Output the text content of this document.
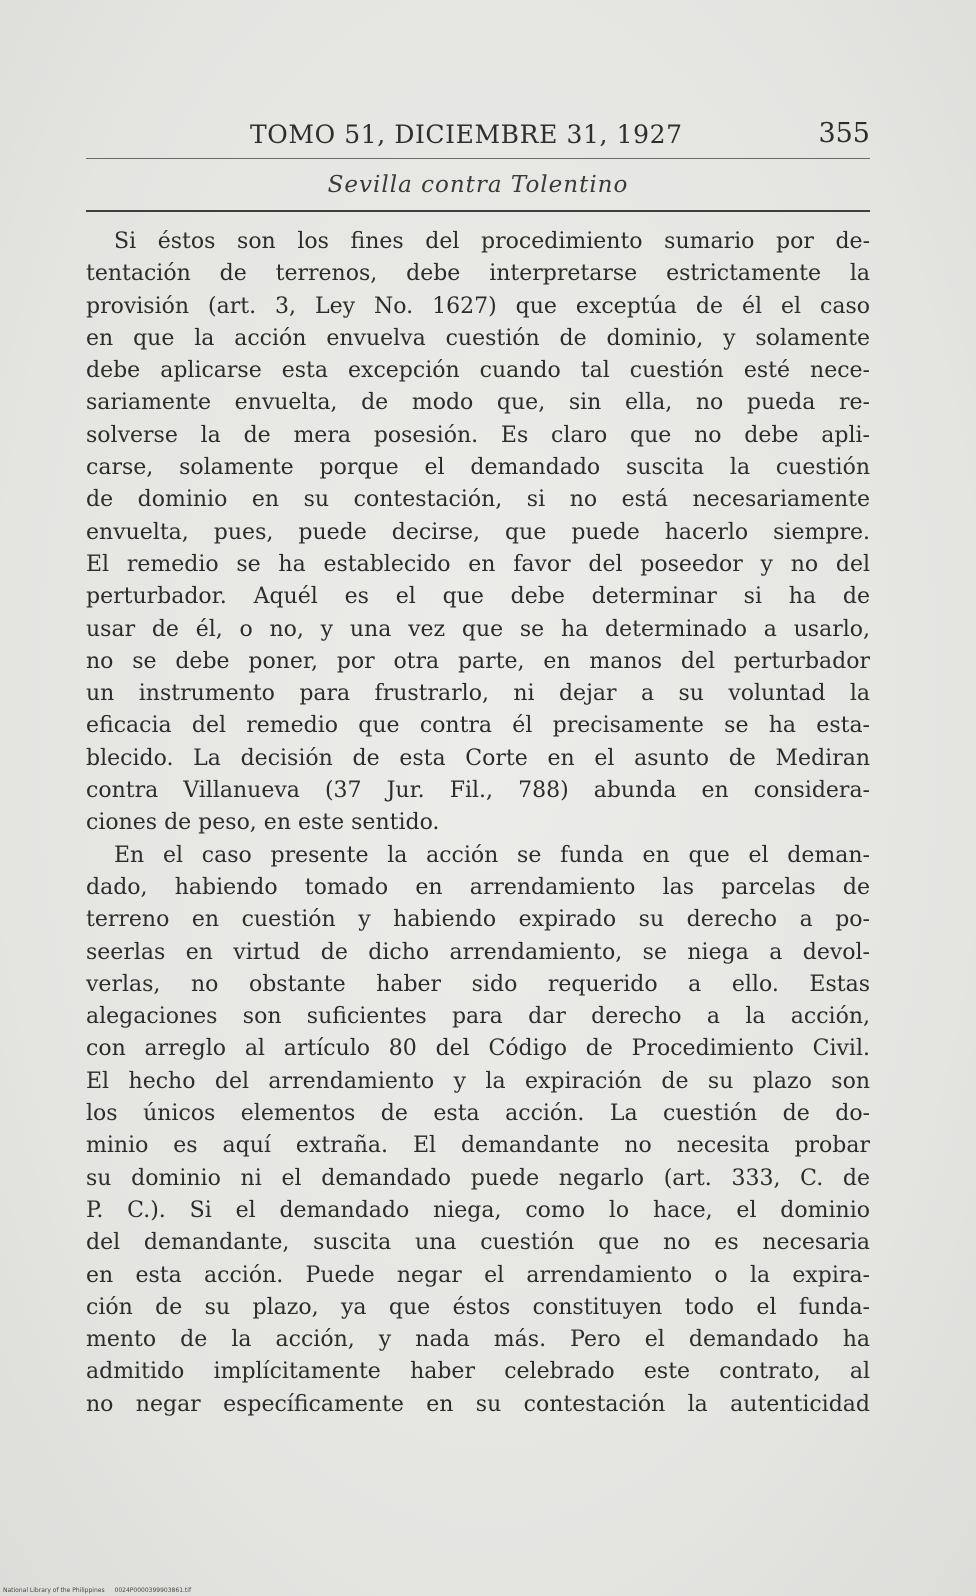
TOMO 51, DICIEMBRE 31, 1927	355
Sevilla contra Tolentino
Si éstos son los fines del procedimiento sumario por de-
tentación de terrenos, debe interpretarse estrictamente la
provisión (art. 3, Ley No. 1627) que exceptúa de él el caso
en que la acción envuelva cuestión de dominio, y solamente
debe aplicarse esta excepción cuando tal cuestión esté nece-
sariamente envuelta, de modo que, sin ella, no pueda re-
solverse la de mera posesión. Es claro que no debe apli-
carse, solamente porque el demandado suscita la cuestión
de dominio en su contestación, si no está necesariamente
envuelta, pues, puede decirse, que puede hacerlo siempre.
El remedio se ha establecido en favor del poseedor y no del
perturbador. Aquél es el que debe determinar si ha de
usar de él, o no, y una vez que se ha determinado a usarlo,
no se debe poner, por otra parte, en manos del perturbador
un instrumento para frustrarlo, ni dejar a su voluntad la
eficacia del remedio que contra él precisamente se ha esta-
blecido. La decisión de esta Corte en el asunto de Mediran
contra Villanueva (37 Jur. Fil., 788) abunda en considera-
ciones de peso, en este sentido.
En el caso presente la acción se funda en que el deman-
dado, habiendo tomado en arrendamiento las parcelas de
terreno en cuestión y habiendo expirado su derecho a po-
seerlas en virtud de dicho arrendamiento, se niega a devol-
verlas, no obstante haber sido requerido a ello. Estas
alegaciones son suficientes para dar derecho a la acción,
con arreglo al artículo 80 del Código de Procedimiento Civil.
El hecho del arrendamiento y la expiración de su plazo son
los únicos elementos de esta acción. La cuestión de do-
minio es aquí extraña. El demandante no necesita probar
su dominio ni el demandado puede negarlo (art. 333, C. de
P. C.). Si el demandado niega, como lo hace, el dominio
del demandante, suscita una cuestión que no es necesaria
en esta acción. Puede negar el arrendamiento o la expira-
ción de su plazo, ya que éstos constituyen todo el funda-
mento de la acción, y nada más. Pero el demandado ha
admitido implícitamente haber celebrado este contrato, al
no negar específicamente en su contestación la autenticidad
National Library of the Philippines 0024P0000399903861.tif
